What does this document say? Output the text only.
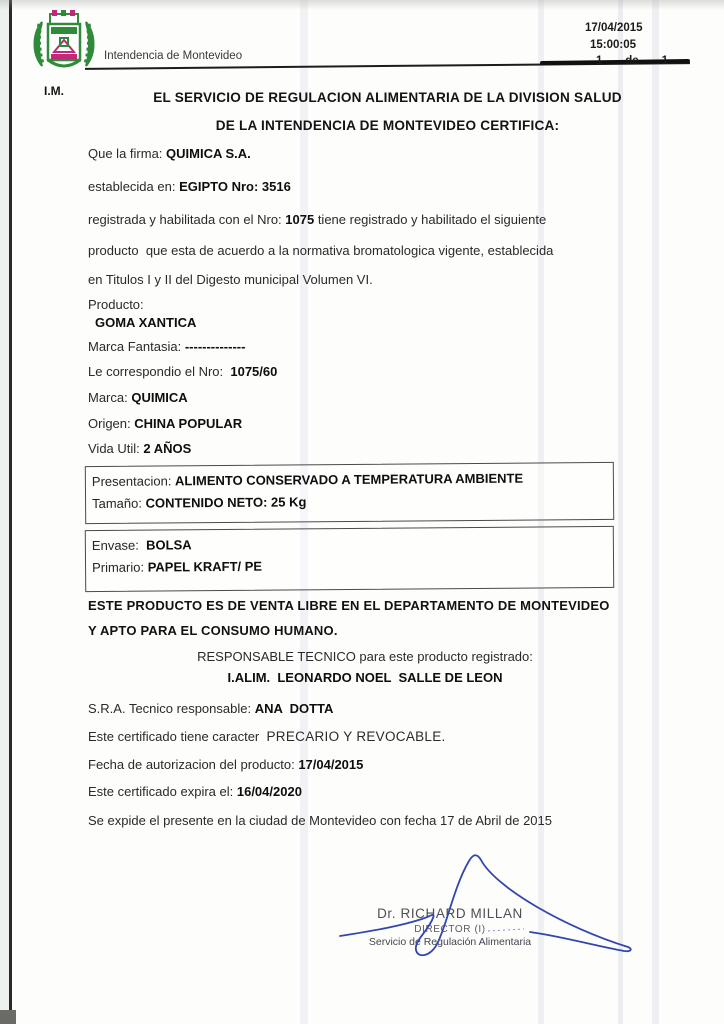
Intendencia de Montevideo
17/04/2015
15:00:05
1 de 1
I.M.	EL SERVICIO DE REGULACION ALIMENTARIA DE LA DIVISION SALUD
DE LA INTENDENCIA DE MONTEVIDEO CERTIFICA:
Que la firma: QUIMICA S.A.
establecida en: EGIPTO Nro: 3516
registrada y habilitada con el Nro: 1075 tiene registrado y habilitado el siguiente
producto  que esta de acuerdo a la normativa bromatologica vigente, establecida
en Titulos I y II del Digesto municipal Volumen VI.
Producto:
GOMA XANTICA
Marca Fantasia: --------------
Le correspondio el Nro:  1075/60
Marca: QUIMICA
Origen: CHINA POPULAR
Vida Util: 2 AÑOS
Presentacion: ALIMENTO CONSERVADO A TEMPERATURA AMBIENTE
Tamaño: CONTENIDO NETO: 25 Kg
Envase:  BOLSA
Primario: PAPEL KRAFT/ PE
ESTE PRODUCTO ES DE VENTA LIBRE EN EL DEPARTAMENTO DE MONTEVIDEO
Y APTO PARA EL CONSUMO HUMANO.
RESPONSABLE TECNICO para este producto registrado:
I.ALIM.  LEONARDO NOEL  SALLE DE LEON
S.R.A. Tecnico responsable: ANA  DOTTA
Este certificado tiene caracter  PRECARIO Y REVOCABLE.
Fecha de autorizacion del producto: 17/04/2015
Este certificado expira el: 16/04/2020
Se expide el presente en la ciudad de Montevideo con fecha 17 de Abril de 2015
Dr. RICHARD MILLAN
DIRECTOR (I)
Servicio de Regulación Alimentaria
